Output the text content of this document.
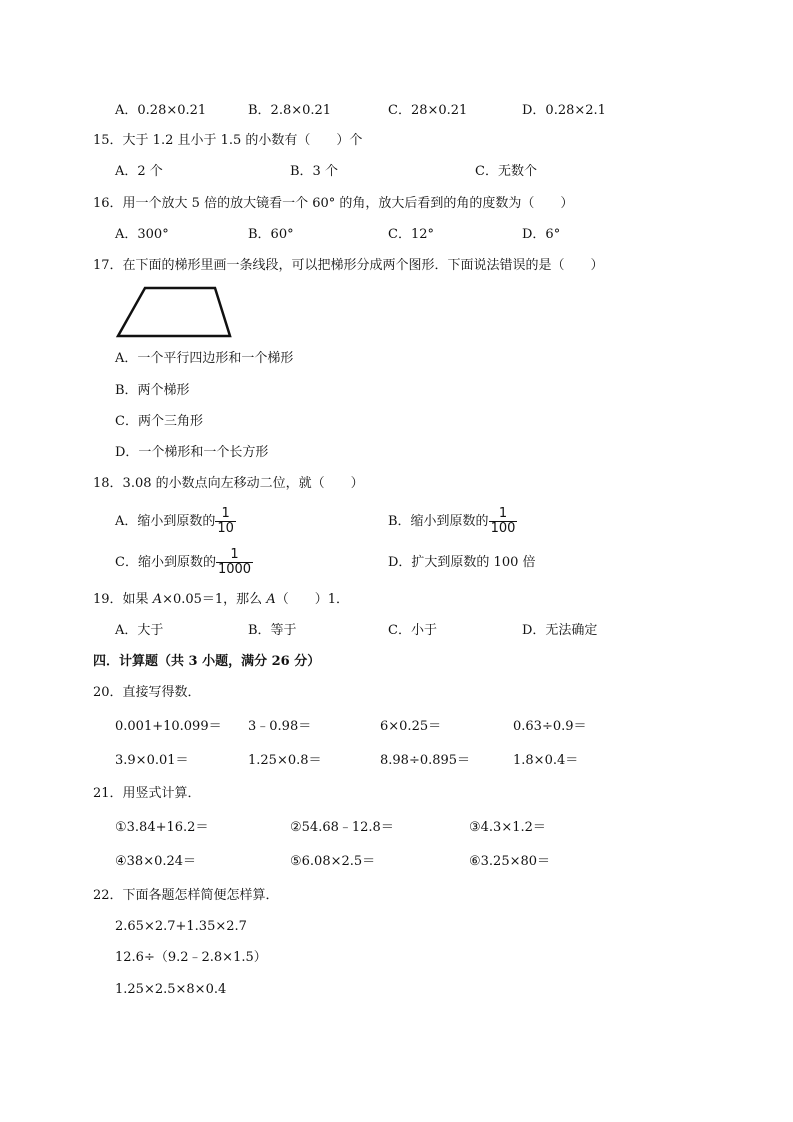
A．0.28×0.21	B．2.8×0.21	C．28×0.21	D．0.28×2.1
15．大于 1.2 且小于 1.5 的小数有（　　）个
A．2 个	B．3 个	C．无数个
16．用一个放大 5 倍的放大镜看一个 60° 的角，放大后看到的角的度数为（　　）
A．300°	B．60°	C．12°	D．6°
17．在下面的梯形里画一条线段，可以把梯形分成两个图形．下面说法错误的是（　　）
A．一个平行四边形和一个梯形
B．两个梯形
C．两个三角形
D．一个梯形和一个长方形
18．3.08 的小数点向左移动二位，就（　　）
A．缩小到原数的 $\frac{1}{10}$	B．缩小到原数的 $\frac{1}{100}$
C．缩小到原数的 $\frac{1}{1000}$	D．扩大到原数的 100 倍
19．如果 A×0.05＝1，那么 A（　　）1．
A．大于	B．等于	C．小于	D．无法确定
四．计算题（共 3 小题，满分 26 分）
20．直接写得数．
0.001+10.099＝ 3﹣0.98＝	6×0.25＝	0.63÷0.9＝
3.9×0.01＝	1.25×0.8＝	8.98÷0.895＝	1.8×0.4＝
21．用竖式计算．
①3.84+16.2＝	②54.68﹣12.8＝	③4.3×1.2＝
④38×0.24＝	⑤6.08×2.5＝	⑥3.25×80＝
22．下面各题怎样简便怎样算．
2.65×2.7+1.35×2.7
12.6÷（9.2﹣2.8×1.5）
1.25×2.5×8×0.4
